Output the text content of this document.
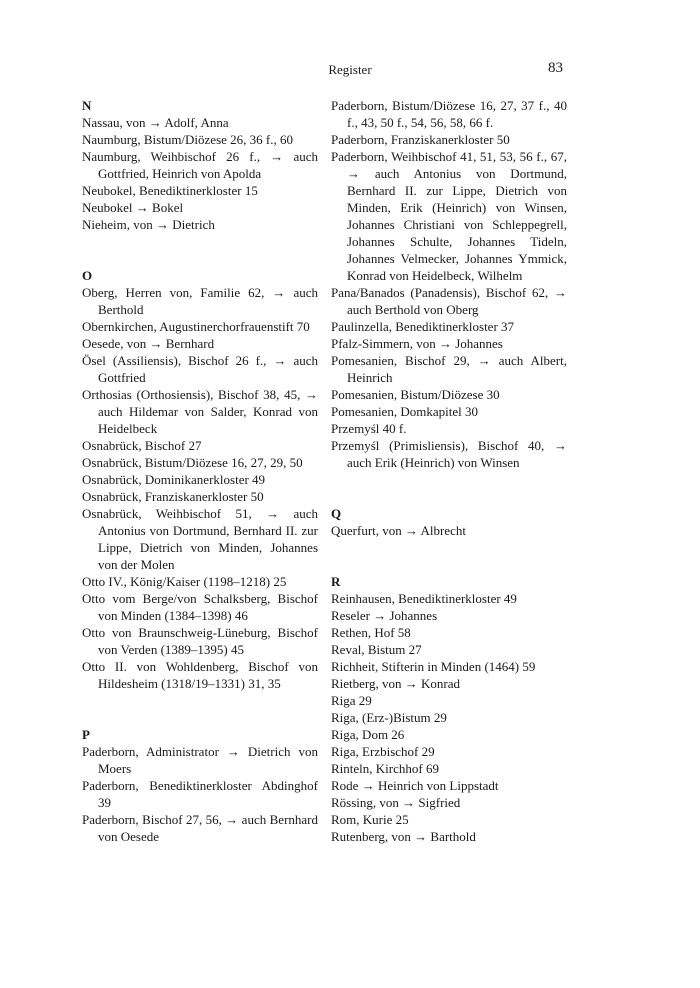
Register	83
N
Nassau, von → Adolf, Anna
Naumburg, Bistum/Diözese 26, 36 f., 60
Naumburg, Weihbischof 26 f., → auch Gottfried, Heinrich von Apolda
Neubokel, Benediktinerkloster 15
Neubokel → Bokel
Nieheim, von → Dietrich
O
Oberg, Herren von, Familie 62, → auch Berthold
Obernkirchen, Augustinerchorfrauenstift 70
Oesede, von → Bernhard
Ösel (Assiliensis), Bischof 26 f., → auch Gottfried
Orthosias (Orthosiensis), Bischof 38, 45, → auch Hildemar von Salder, Konrad von Heidelbeck
Osnabrück, Bischof 27
Osnabrück, Bistum/Diözese 16, 27, 29, 50
Osnabrück, Dominikanerkloster 49
Osnabrück, Franziskanerkloster 50
Osnabrück, Weihbischof 51, → auch Antonius von Dortmund, Bernhard II. zur Lippe, Dietrich von Minden, Johannes von der Molen
Otto IV., König/Kaiser (1198–1218) 25
Otto vom Berge/von Schalksberg, Bischof von Minden (1384–1398) 46
Otto von Braunschweig-Lüneburg, Bischof von Verden (1389–1395) 45
Otto II. von Wohldenberg, Bischof von Hildesheim (1318/19–1331) 31, 35
P
Paderborn, Administrator → Dietrich von Moers
Paderborn, Benediktinerkloster Abdinghof 39
Paderborn, Bischof 27, 56, → auch Bernhard von Oesede
Paderborn, Bistum/Diözese 16, 27, 37 f., 40 f., 43, 50 f., 54, 56, 58, 66 f.
Paderborn, Franziskanerkloster 50
Paderborn, Weihbischof 41, 51, 53, 56 f., 67, → auch Antonius von Dortmund, Bernhard II. zur Lippe, Dietrich von Minden, Erik (Heinrich) von Winsen, Johannes Christiani von Schleppegrell, Johannes Schulte, Johannes Tideln, Johannes Velmecker, Johannes Ymmick, Konrad von Heidelbeck, Wilhelm
Pana/Banados (Panadensis), Bischof 62, → auch Berthold von Oberg
Paulinzella, Benediktinerkloster 37
Pfalz-Simmern, von → Johannes
Pomesanien, Bischof 29, → auch Albert, Heinrich
Pomesanien, Bistum/Diözese 30
Pomesanien, Domkapitel 30
Przemyśl 40 f.
Przemyśl (Primisliensis), Bischof 40, → auch Erik (Heinrich) von Winsen
Q
Querfurt, von → Albrecht
R
Reinhausen, Benediktinerkloster 49
Reseler → Johannes
Rethen, Hof 58
Reval, Bistum 27
Richheit, Stifterin in Minden (1464) 59
Rietberg, von → Konrad
Riga 29
Riga, (Erz-)Bistum 29
Riga, Dom 26
Riga, Erzbischof 29
Rinteln, Kirchhof 69
Rode → Heinrich von Lippstadt
Rössing, von → Sigfried
Rom, Kurie 25
Rutenberg, von → Barthold
